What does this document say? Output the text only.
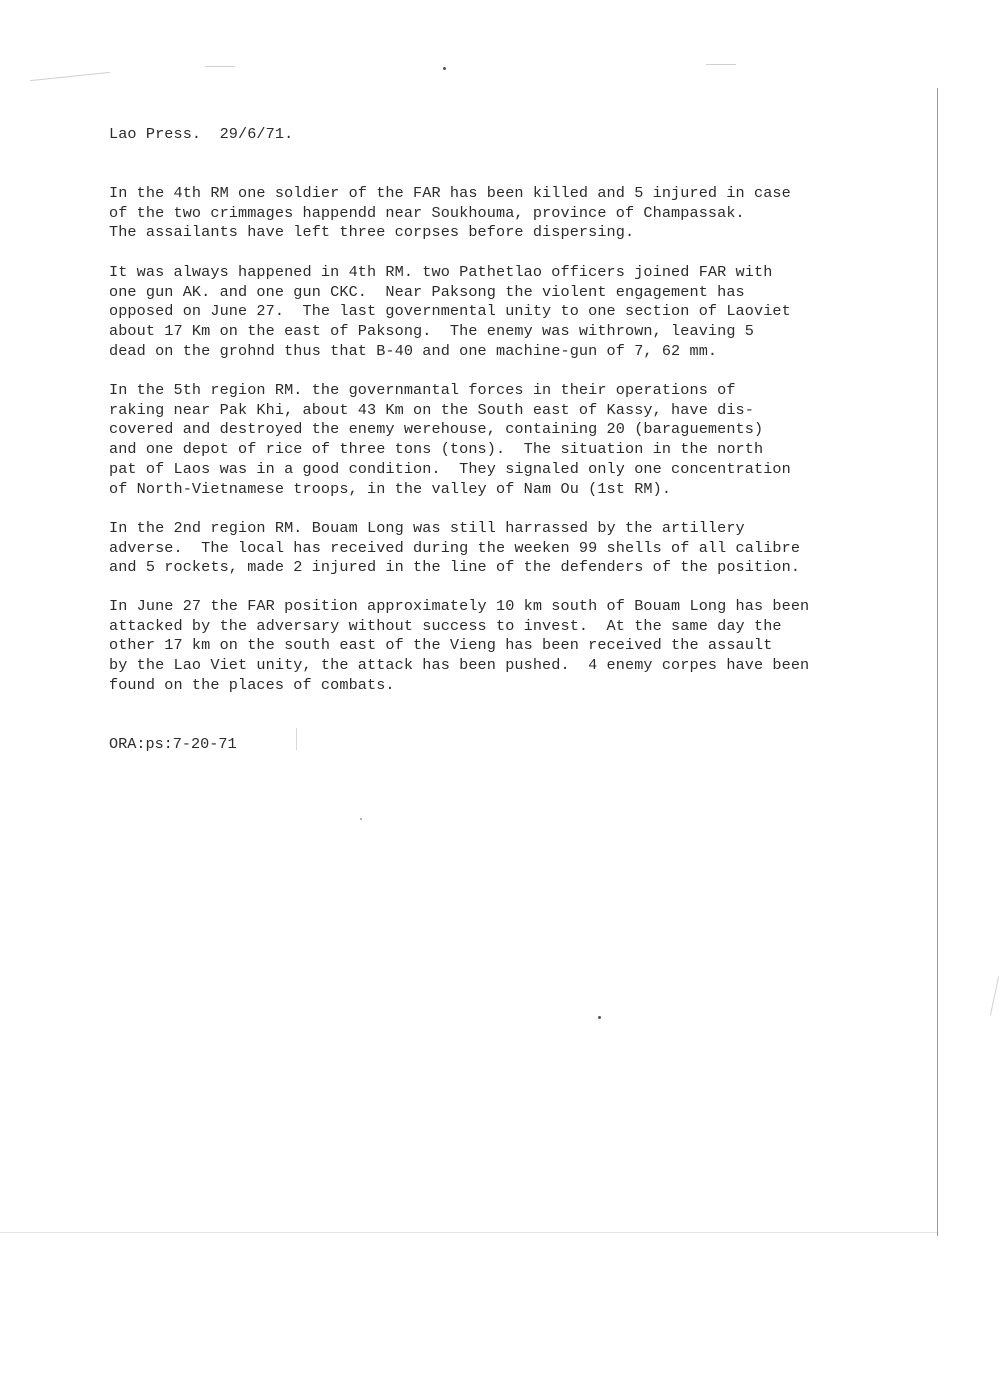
Lao Press.  29/6/71.

In the 4th RM one soldier of the FAR has been killed and 5 injured in case
of the two crimmages happendd near Soukhouma, province of Champassak.
The assailants have left three corpses before dispersing.

It was always happened in 4th RM. two Pathetlao officers joined FAR with
one gun AK. and one gun CKC.  Near Paksong the violent engagement has
opposed on June 27.  The last governmental unity to one section of Laoviet
about 17 Km on the east of Paksong.  The enemy was withrown, leaving 5
dead on the grohnd thus that B-40 and one machine-gun of 7, 62 mm.

In the 5th region RM. the governmantal forces in their operations of
raking near Pak Khi, about 43 Km on the South east of Kassy, have dis-
covered and destroyed the enemy werehouse, containing 20 (baraguements)
and one depot of rice of three tons (tons).  The situation in the north
pat of Laos was in a good condition.  They signaled only one concentration
of North-Vietnamese troops, in the valley of Nam Ou (1st RM).

In the 2nd region RM. Bouam Long was still harrassed by the artillery
adverse.  The local has received during the weeken 99 shells of all calibre
and 5 rockets, made 2 injured in the line of the defenders of the position.

In June 27 the FAR position approximately 10 km south of Bouam Long has been
attacked by the adversary without success to invest.  At the same day the
other 17 km on the south east of the Vieng has been received the assault
by the Lao Viet unity, the attack has been pushed.  4 enemy corpes have been
found on the places of combats.

ORA:ps:7-20-71
